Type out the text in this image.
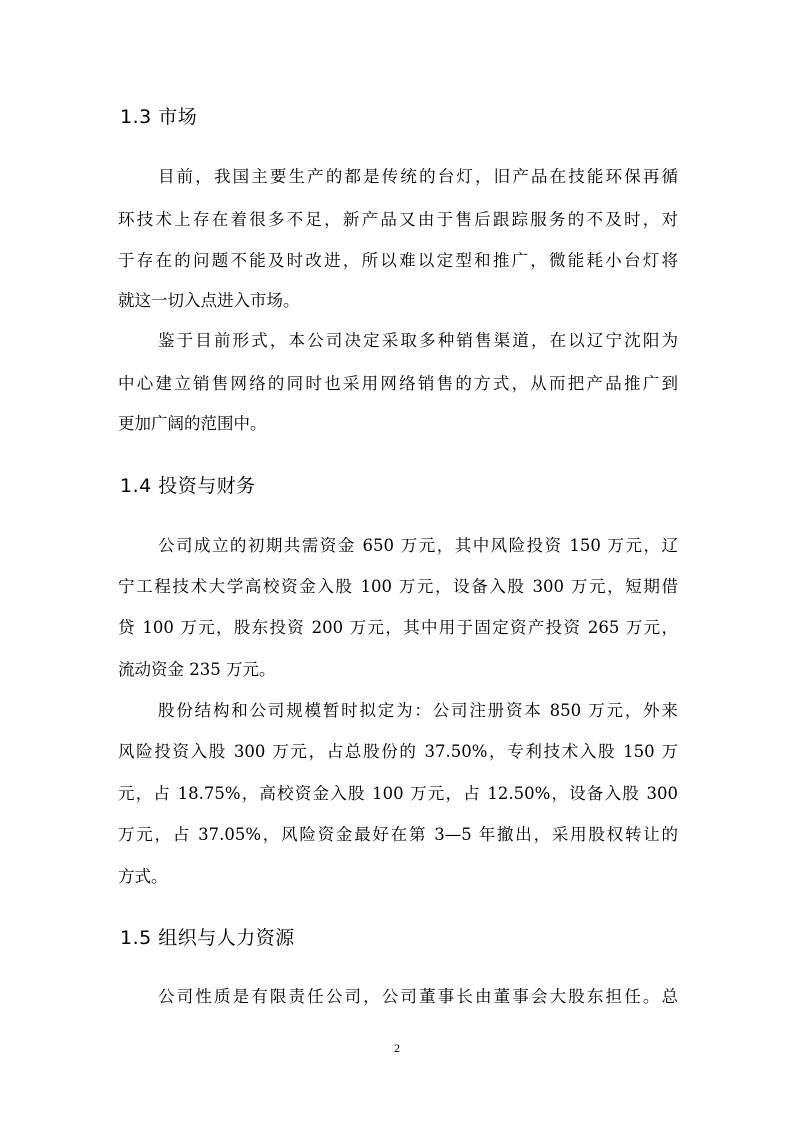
1.3 市场
目前，我国主要生产的都是传统的台灯，旧产品在技能环保再循
环技术上存在着很多不足，新产品又由于售后跟踪服务的不及时，对
于存在的问题不能及时改进，所以难以定型和推广，微能耗小台灯将
就这一切入点进入市场。
鉴于目前形式，本公司决定采取多种销售渠道，在以辽宁沈阳为
中心建立销售网络的同时也采用网络销售的方式，从而把产品推广到
更加广阔的范围中。
1.4 投资与财务
公司成立的初期共需资金 650 万元，其中风险投资 150 万元，辽
宁工程技术大学高校资金入股 100 万元，设备入股 300 万元，短期借
贷 100 万元，股东投资 200 万元，其中用于固定资产投资 265 万元，
流动资金 235 万元。
股份结构和公司规模暂时拟定为：公司注册资本 850 万元，外来
风险投资入股 300 万元，占总股份的 37.50%，专利技术入股 150 万
元，占 18.75%，高校资金入股 100 万元，占 12.50%，设备入股 300
万元，占 37.05%，风险资金最好在第 3—5 年撤出，采用股权转让的
方式。
1.5 组织与人力资源
公司性质是有限责任公司，公司董事长由董事会大股东担任。总
2
